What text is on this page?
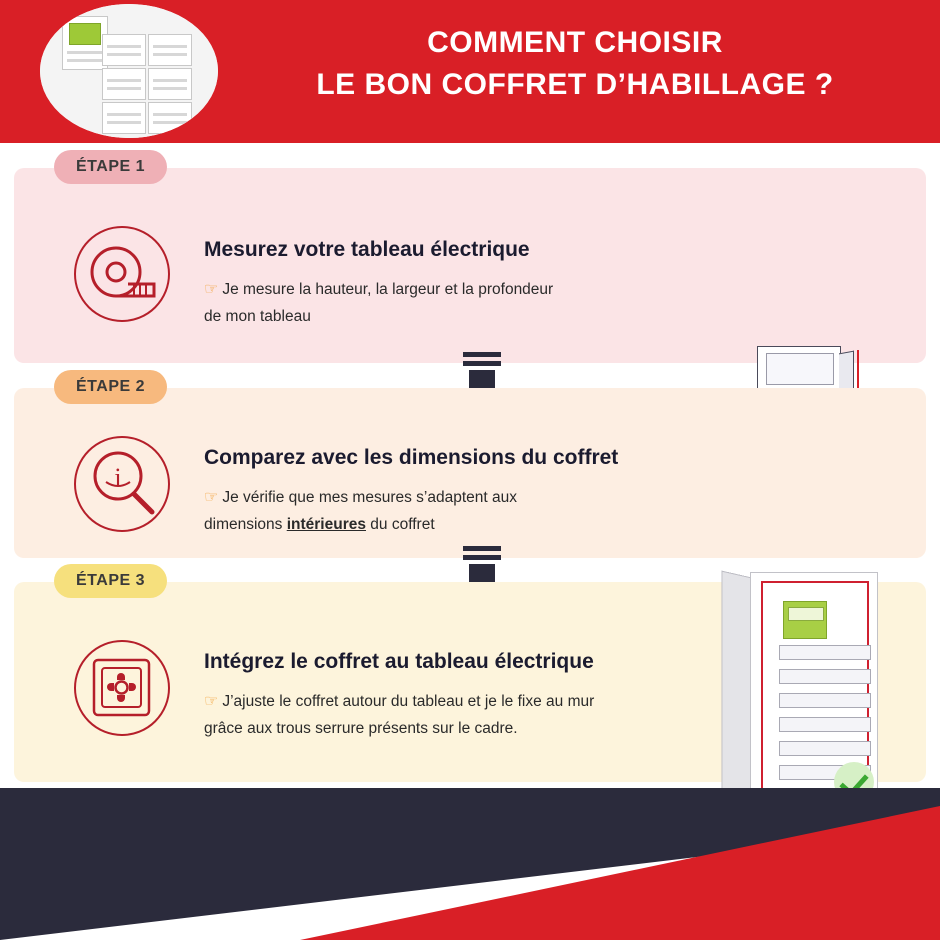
COMMENT CHOISIR
LE BON COFFRET D’HABILLAGE ?
ÉTAPE 1
Mesurez votre tableau électrique
☞ Je mesure la hauteur, la largeur et la profondeur
de mon tableau
ÉTAPE 2
i
Comparez avec les dimensions du coffret
☞ Je vérifie que mes mesures s’adaptent aux
dimensions intérieures du coffret
ÉTAPE 3
Intégrez le coffret au tableau électrique
☞ J’ajuste le coffret autour du tableau et je le fixe au mur
grâce aux trous serrure présents sur le cadre.
